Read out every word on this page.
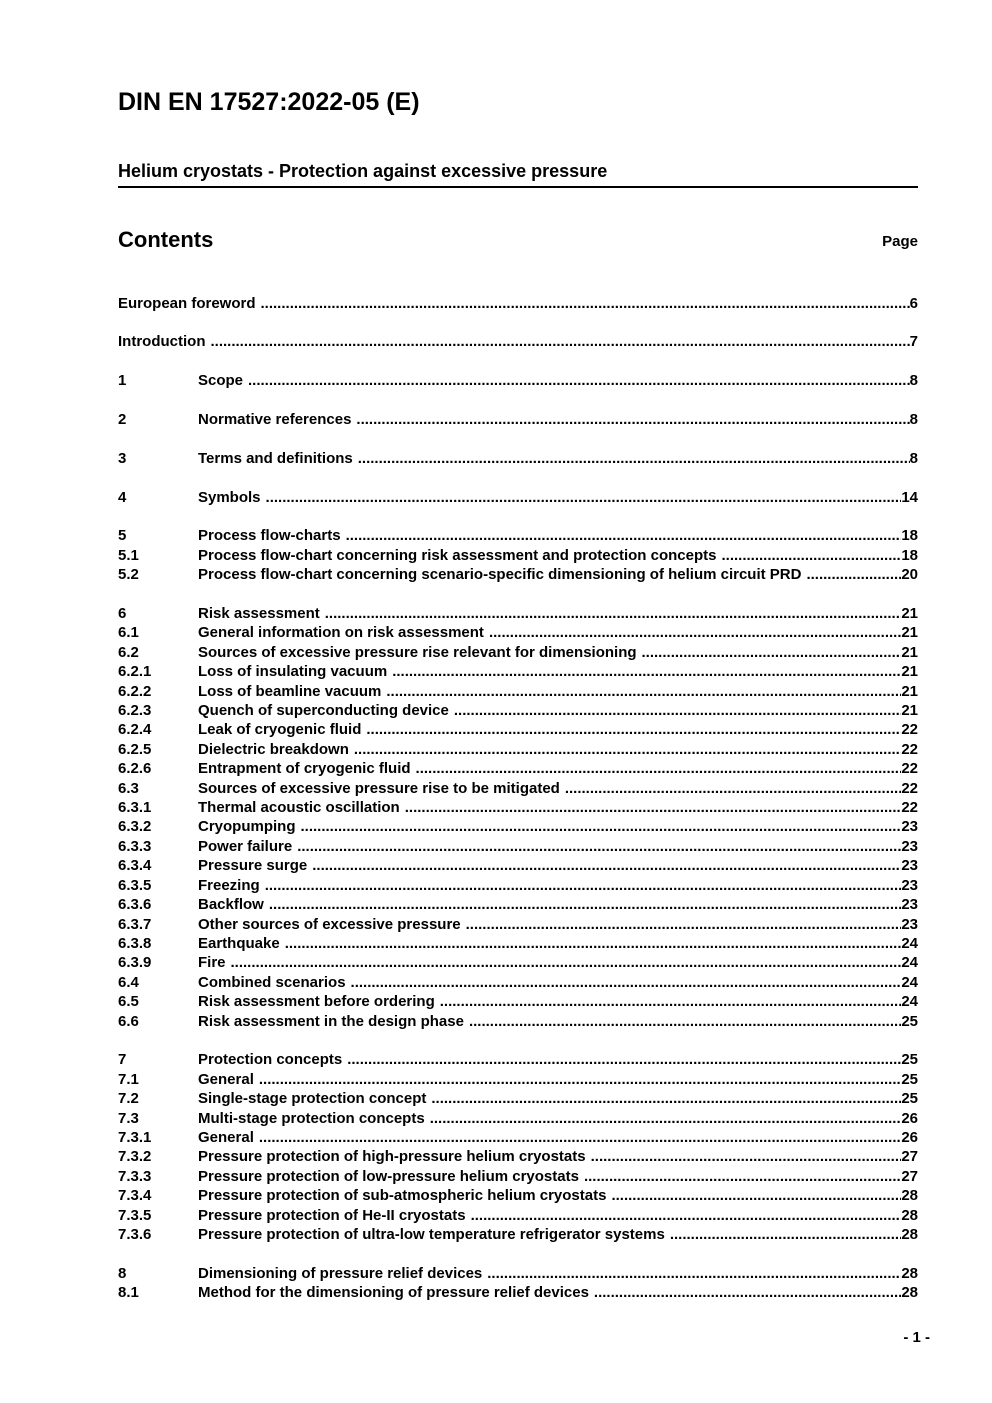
DIN EN 17527:2022-05 (E)
Helium cryostats - Protection against excessive pressure
Contents	Page
European foreword .....	6
Introduction .....	7
1	Scope .....	8
2	Normative references .....	8
3	Terms and definitions .....	8
4	Symbols .....	14
5	Process flow-charts .....	18
5.1	Process flow-chart concerning risk assessment and protection concepts .....	18
5.2	Process flow-chart concerning scenario-specific dimensioning of helium circuit PRD .....	20
6	Risk assessment .....	21
6.1	General information on risk assessment .....	21
6.2	Sources of excessive pressure rise relevant for dimensioning .....	21
6.2.1	Loss of insulating vacuum .....	21
6.2.2	Loss of beamline vacuum .....	21
6.2.3	Quench of superconducting device .....	21
6.2.4	Leak of cryogenic fluid .....	22
6.2.5	Dielectric breakdown .....	22
6.2.6	Entrapment of cryogenic fluid .....	22
6.3	Sources of excessive pressure rise to be mitigated .....	22
6.3.1	Thermal acoustic oscillation .....	22
6.3.2	Cryopumping .....	23
6.3.3	Power failure .....	23
6.3.4	Pressure surge .....	23
6.3.5	Freezing .....	23
6.3.6	Backflow .....	23
6.3.7	Other sources of excessive pressure .....	23
6.3.8	Earthquake .....	24
6.3.9	Fire .....	24
6.4	Combined scenarios .....	24
6.5	Risk assessment before ordering .....	24
6.6	Risk assessment in the design phase .....	25
7	Protection concepts .....	25
7.1	General .....	25
7.2	Single-stage protection concept .....	25
7.3	Multi-stage protection concepts .....	26
7.3.1	General .....	26
7.3.2	Pressure protection of high-pressure helium cryostats .....	27
7.3.3	Pressure protection of low-pressure helium cryostats .....	27
7.3.4	Pressure protection of sub-atmospheric helium cryostats .....	28
7.3.5	Pressure protection of He-II cryostats .....	28
7.3.6	Pressure protection of ultra-low temperature refrigerator systems .....	28
8	Dimensioning of pressure relief devices .....	28
8.1	Method for the dimensioning of pressure relief devices .....	28
- 1 -
